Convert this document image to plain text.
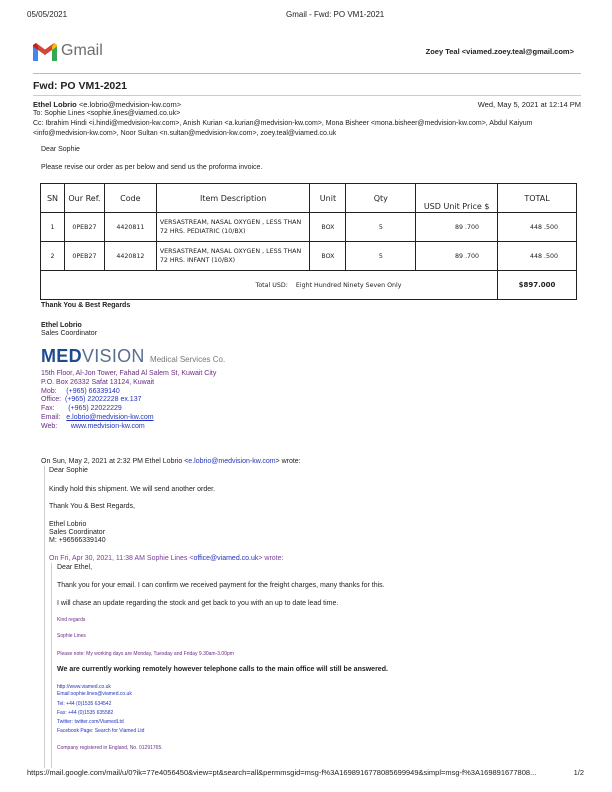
05/05/2021	Gmail - Fwd: PO VM1-2021
Gmail	Zoey Teal <viamed.zoey.teal@gmail.com>
Fwd: PO VM1-2021
Ethel Lobrio <e.lobrio@medvision-kw.com>	Wed, May 5, 2021 at 12:14 PM
To: Sophie Lines <sophie.lines@viamed.co.uk>
Cc: Ibrahim Hindi <i.hindi@medvision-kw.com>, Anish Kurian <a.kurian@medvision-kw.com>, Mona Bisheer <mona.bisheer@medvision-kw.com>, Abdul Kaiyum <info@medvision-kw.com>, Noor Sultan <n.sultan@medvision-kw.com>, zoey.teal@viamed.co.uk
Dear Sophie
Please revise our order as per below and send us the proforma invoice.
SN	Our Ref.	Code	Item Description	Unit	Qty	USD Unit Price $	TOTAL
1	0PEB27	4420811	VERSASTREAM, NASAL OXYGEN , LESS THAN 72 HRS. PEDIATRIC (10/BX)	BOX	5	89 .700	448 .500
2	0PEB27	4420812	VERSASTREAM, NASAL OXYGEN , LESS THAN 72 HRS. INFANT (10/BX)	BOX	5	89 .700	448 .500
Total USD: Eight Hundred Ninety Seven Only							$897.000
Thank You & Best Regards
Ethel Lobrio
Sales Coordinator
MEDVISION Medical Services Co.
15th Floor, Al-Jon Tower, Fahad Al Salem St, Kuwait City
P.O. Box 26332 Safat 13124, Kuwait
Mob: (+965) 66339140
Office: (+965) 22022228 ex.137
Fax: (+965) 22022229
Email: e.lobrio@medvision-kw.com
Web: www.medvision-kw.com
On Sun, May 2, 2021 at 2:32 PM Ethel Lobrio <e.lobrio@medvision-kw.com> wrote:
Dear Sophie
Kindly hold this shipment. We will send another order.
Thank You & Best Regards,
Ethel Lobrio
Sales Coordinator
M: +96566339140
On Fri, Apr 30, 2021, 11:38 AM Sophie Lines <office@viamed.co.uk> wrote:
Dear Ethel,
Thank you for your email. I can confirm we received payment for the freight charges, many thanks for this.
I will chase an update regarding the stock and get back to you with an up to date lead time.
Kind regards
Sophie Lines
Please note: My working days are Monday, Tuesday and Friday 9.30am-3.00pm
We are currently working remotely however telephone calls to the main office will still be answered.
http://www.viamed.co.uk
Email:sophie.lines@viamed.co.uk
Tel: +44 (0)1535 634542
Fax: +44 (0)1535 635582
Twitter: twitter.com/ViamedLtd
Facebook Page: Search for Viamed Ltd
Company registered in England, No. 01291765.
https://mail.google.com/mail/u/0?ik=77e4056450&view=pt&search=all&permmsgid=msg-f%3A1698916778085699949&simpl=msg-f%3A169891677808...	1/2
